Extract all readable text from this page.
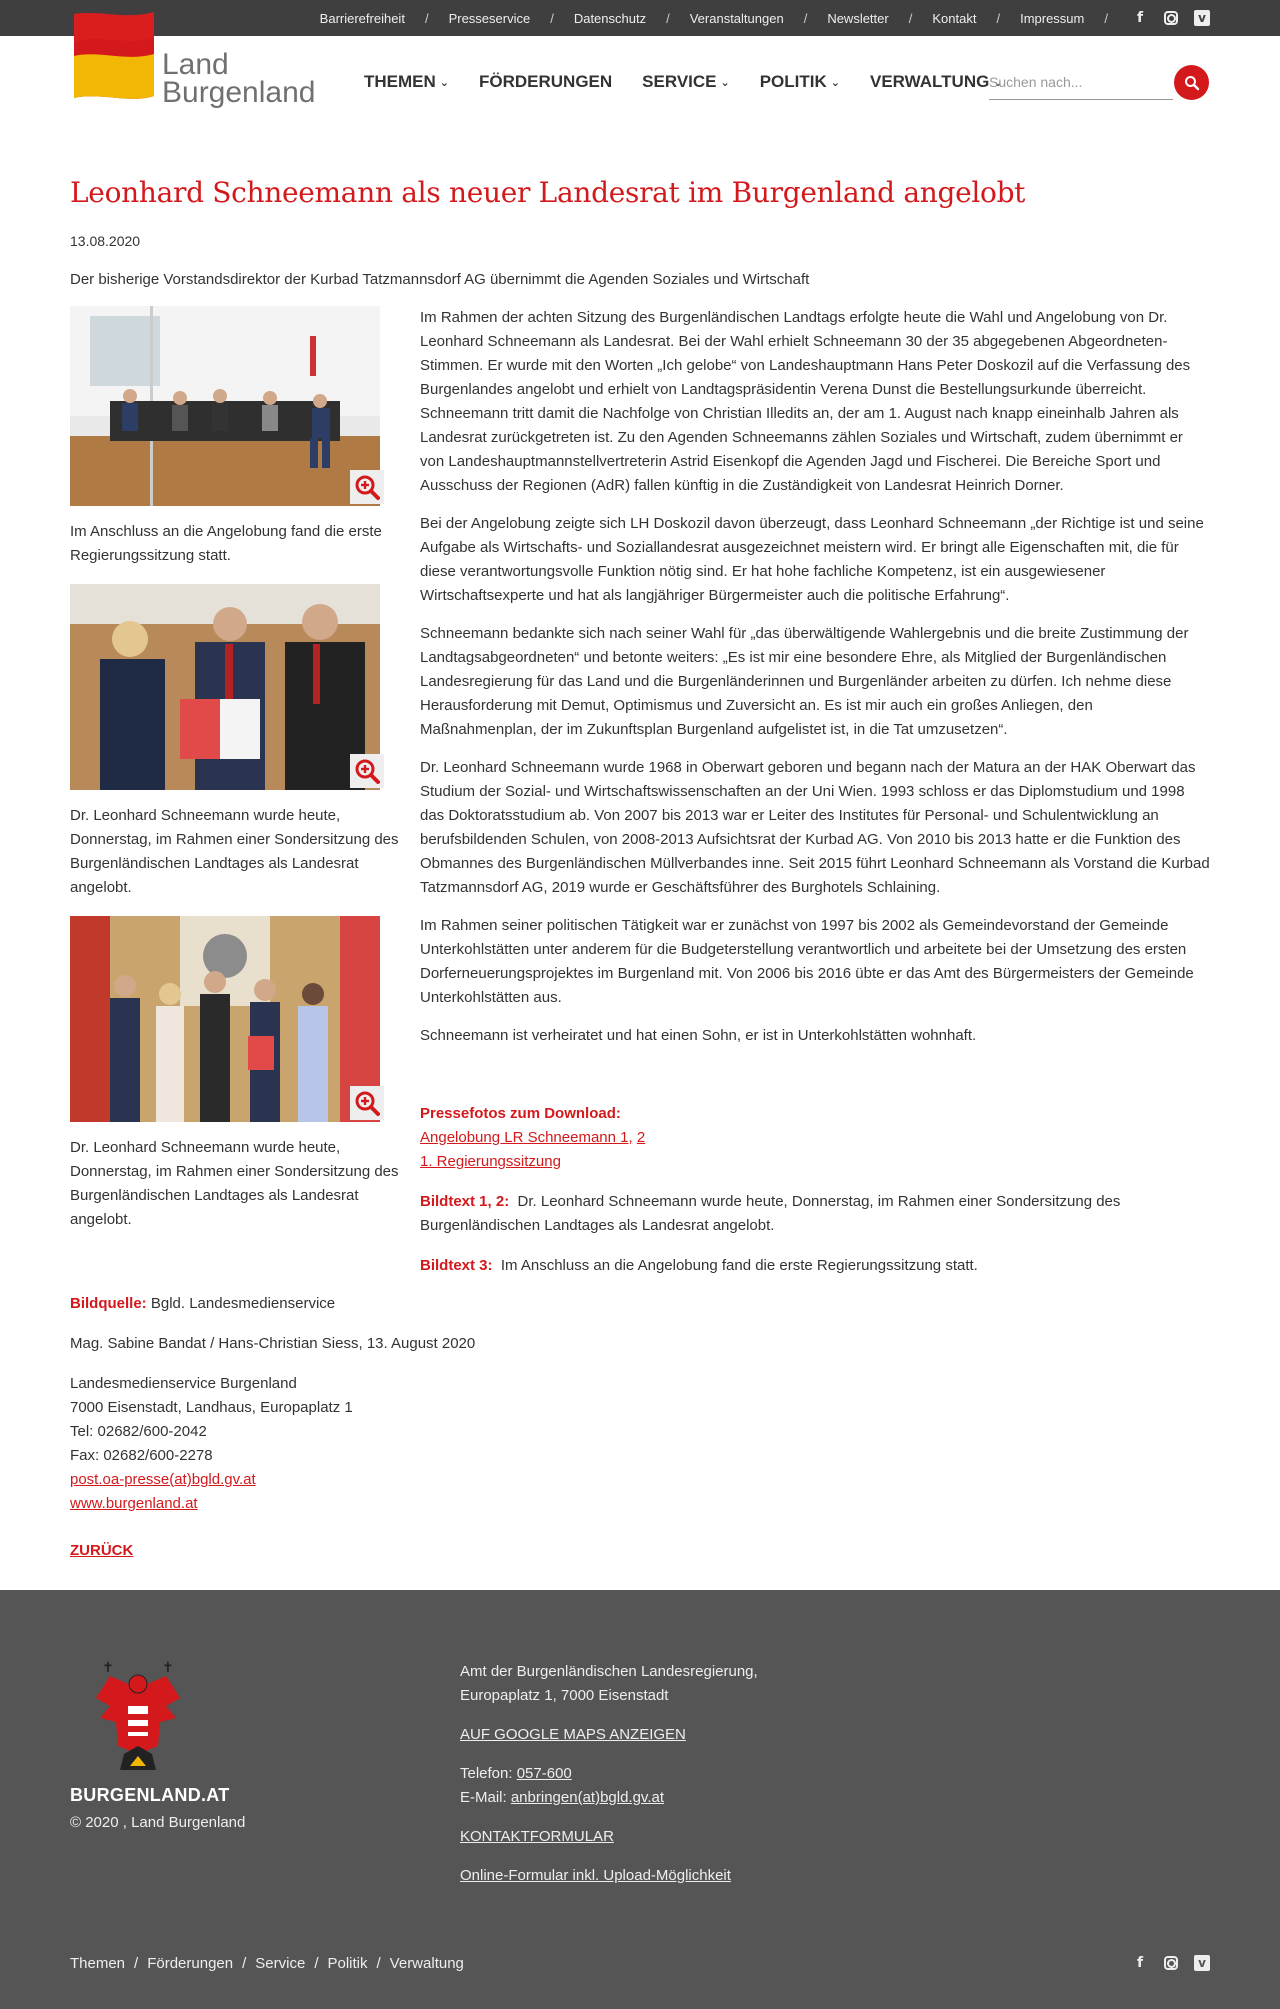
Barrierefreiheit / Presseservice / Datenschutz / Veranstaltungen / Newsletter / Kontakt / Impressum /	f	v
Land
Burgenland	THEMEN ⌄ FÖRDERUNGEN SERVICE ⌄ POLITIK ⌄ VERWALTUNG ⌄
Suchen nach...
Leonhard Schneemann als neuer Landesrat im Burgenland angelobt
13.08.2020
Der bisherige Vorstandsdirektor der Kurbad Tatzmannsdorf AG übernimmt die Agenden Soziales und Wirtschaft
Im Anschluss an die Angelobung fand die erste Regierungssitzung statt.
Dr. Leonhard Schneemann wurde heute, Donnerstag, im Rahmen einer Sondersitzung des Burgenländischen Landtages als Landesrat angelobt.
Dr. Leonhard Schneemann wurde heute, Donnerstag, im Rahmen einer Sondersitzung des Burgenländischen Landtages als Landesrat angelobt.

Im Rahmen der achten Sitzung des Burgenländischen Landtags erfolgte heute die Wahl und Angelobung von Dr. Leonhard Schneemann als Landesrat. Bei der Wahl erhielt Schneemann 30 der 35 abgegebenen Abgeordneten-Stimmen. Er wurde mit den Worten „Ich gelobe“ von Landeshauptmann Hans Peter Doskozil auf die Verfassung des Burgenlandes angelobt und erhielt von Landtagspräsidentin Verena Dunst die Bestellungsurkunde überreicht. Schneemann tritt damit die Nachfolge von Christian Illedits an, der am 1. August nach knapp eineinhalb Jahren als Landesrat zurückgetreten ist. Zu den Agenden Schneemanns zählen Soziales und Wirtschaft, zudem übernimmt er von Landeshauptmannstellvertreterin Astrid Eisenkopf die Agenden Jagd und Fischerei. Die Bereiche Sport und Ausschuss der Regionen (AdR) fallen künftig in die Zuständigkeit von Landesrat Heinrich Dorner.

Bei der Angelobung zeigte sich LH Doskozil davon überzeugt, dass Leonhard Schneemann „der Richtige ist und seine Aufgabe als Wirtschafts- und Soziallandesrat ausgezeichnet meistern wird. Er bringt alle Eigenschaften mit, die für diese verantwortungsvolle Funktion nötig sind. Er hat hohe fachliche Kompetenz, ist ein ausgewiesener Wirtschaftsexperte und hat als langjähriger Bürgermeister auch die politische Erfahrung“.

Schneemann bedankte sich nach seiner Wahl für „das überwältigende Wahlergebnis und die breite Zustimmung der Landtagsabgeordneten“ und betonte weiters: „Es ist mir eine besondere Ehre, als Mitglied der Burgenländischen Landesregierung für das Land und die Burgenländerinnen und Burgenländer arbeiten zu dürfen. Ich nehme diese Herausforderung mit Demut, Optimismus und Zuversicht an. Es ist mir auch ein großes Anliegen, den Maßnahmenplan, der im Zukunftsplan Burgenland aufgelistet ist, in die Tat umzusetzen“.

Dr. Leonhard Schneemann wurde 1968 in Oberwart geboren und begann nach der Matura an der HAK Oberwart das Studium der Sozial- und Wirtschaftswissenschaften an der Uni Wien. 1993 schloss er das Diplomstudium und 1998 das Doktoratsstudium ab. Von 2007 bis 2013 war er Leiter des Institutes für Personal- und Schulentwicklung an berufsbildenden Schulen, von 2008-2013 Aufsichtsrat der Kurbad AG. Von 2010 bis 2013 hatte er die Funktion des Obmannes des Burgenländischen Müllverbandes inne. Seit 2015 führt Leonhard Schneemann als Vorstand die Kurbad Tatzmannsdorf AG, 2019 wurde er Geschäftsführer des Burghotels Schlaining.

Im Rahmen seiner politischen Tätigkeit war er zunächst von 1997 bis 2002 als Gemeindevorstand der Gemeinde Unterkohlstätten unter anderem für die Budgeterstellung verantwortlich und arbeitete bei der Umsetzung des ersten Dorferneuerungsprojektes im Burgenland mit. Von 2006 bis 2016 übte er das Amt des Bürgermeisters der Gemeinde Unterkohlstätten aus.

Schneemann ist verheiratet und hat einen Sohn, er ist in Unterkohlstätten wohnhaft.

Pressefotos zum Download:
Angelobung LR Schneemann 1, 2
1. Regierungssitzung
Bildtext 1, 2: Dr. Leonhard Schneemann wurde heute, Donnerstag, im Rahmen einer Sondersitzung des Burgenländischen Landtages als Landesrat angelobt.
Bildtext 3: Im Anschluss an die Angelobung fand die erste Regierungssitzung statt.
Bildquelle: Bgld. Landesmedienservice
Mag. Sabine Bandat / Hans-Christian Siess, 13. August 2020
Landesmedienservice Burgenland
7000 Eisenstadt, Landhaus, Europaplatz 1
Tel: 02682/600-2042
Fax: 02682/600-2278
post.oa-presse(at)bgld.gv.at
www.burgenland.at
ZURÜCK
✝	✝
BURGENLAND.AT
© 2020 , Land Burgenland
Amt der Burgenländischen Landesregierung,
Europaplatz 1, 7000 Eisenstadt
AUF GOOGLE MAPS ANZEIGEN
Telefon: 057-600
E-Mail: anbringen(at)bgld.gv.at
KONTAKTFORMULAR
Online-Formular inkl. Upload-Möglichkeit
Themen / Förderungen / Service / Politik / Verwaltung	f	v
